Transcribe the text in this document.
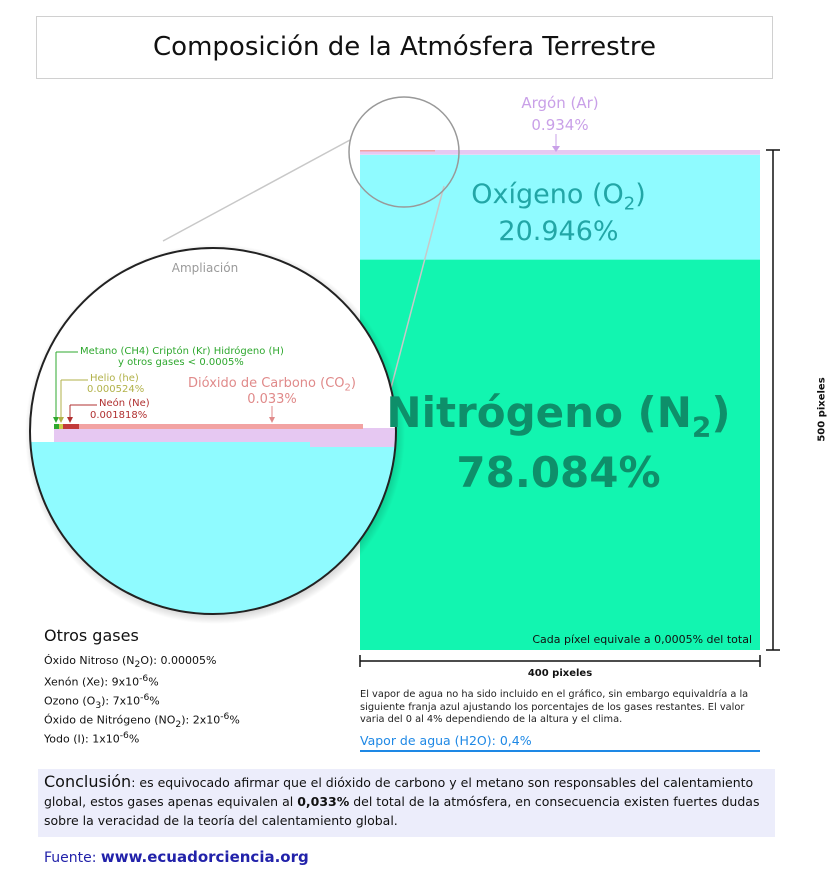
Composición de la Atmósfera Terrestre
Argón (Ar)
0.934%
Oxígeno $(O_2)$
20.946%
Nitrógeno $(N_2)$
78.084%
Cada píxel equivale a 0,0005% del total
400 pixeles
500 pixeles
Ampliación
Metano (CH4) Criptón (Kr) Hidrógeno (H)
y otros gases < 0.0005%
Helio (he)
0.000524%
Neón (Ne)
0.001818%
Dióxido de Carbono $(CO_2)$
0.033%
Otros gases
Óxido Nitroso $(N_2O)$: 0.00005%
Xenón (Xe): $9x10^{-6}\%$
Ozono $(O_3)$: $7x10^{-6}\%$
Óxido de Nitrógeno $(NO_2)$: $2x10^{-6}\%$
Yodo (I): $1x10^{-6}\%$
El vapor de agua no ha sido incluido en el gráfico, sin embargo equivaldría a la siguiente franja azul ajustando los porcentajes de los gases restantes. El valor varia del 0 al 4% dependiendo de la altura y el clima.
Vapor de agua (H2O): 0,4%
Conclusión: es equivocado afirmar que el dióxido de carbono y el metano son responsables del calentamiento global, estos gases apenas equivalen al 0,033% del total de la atmósfera, en consecuencia existen fuertes dudas sobre la veracidad de la teoría del calentamiento global.
Fuente: www.ecuadorciencia.org
